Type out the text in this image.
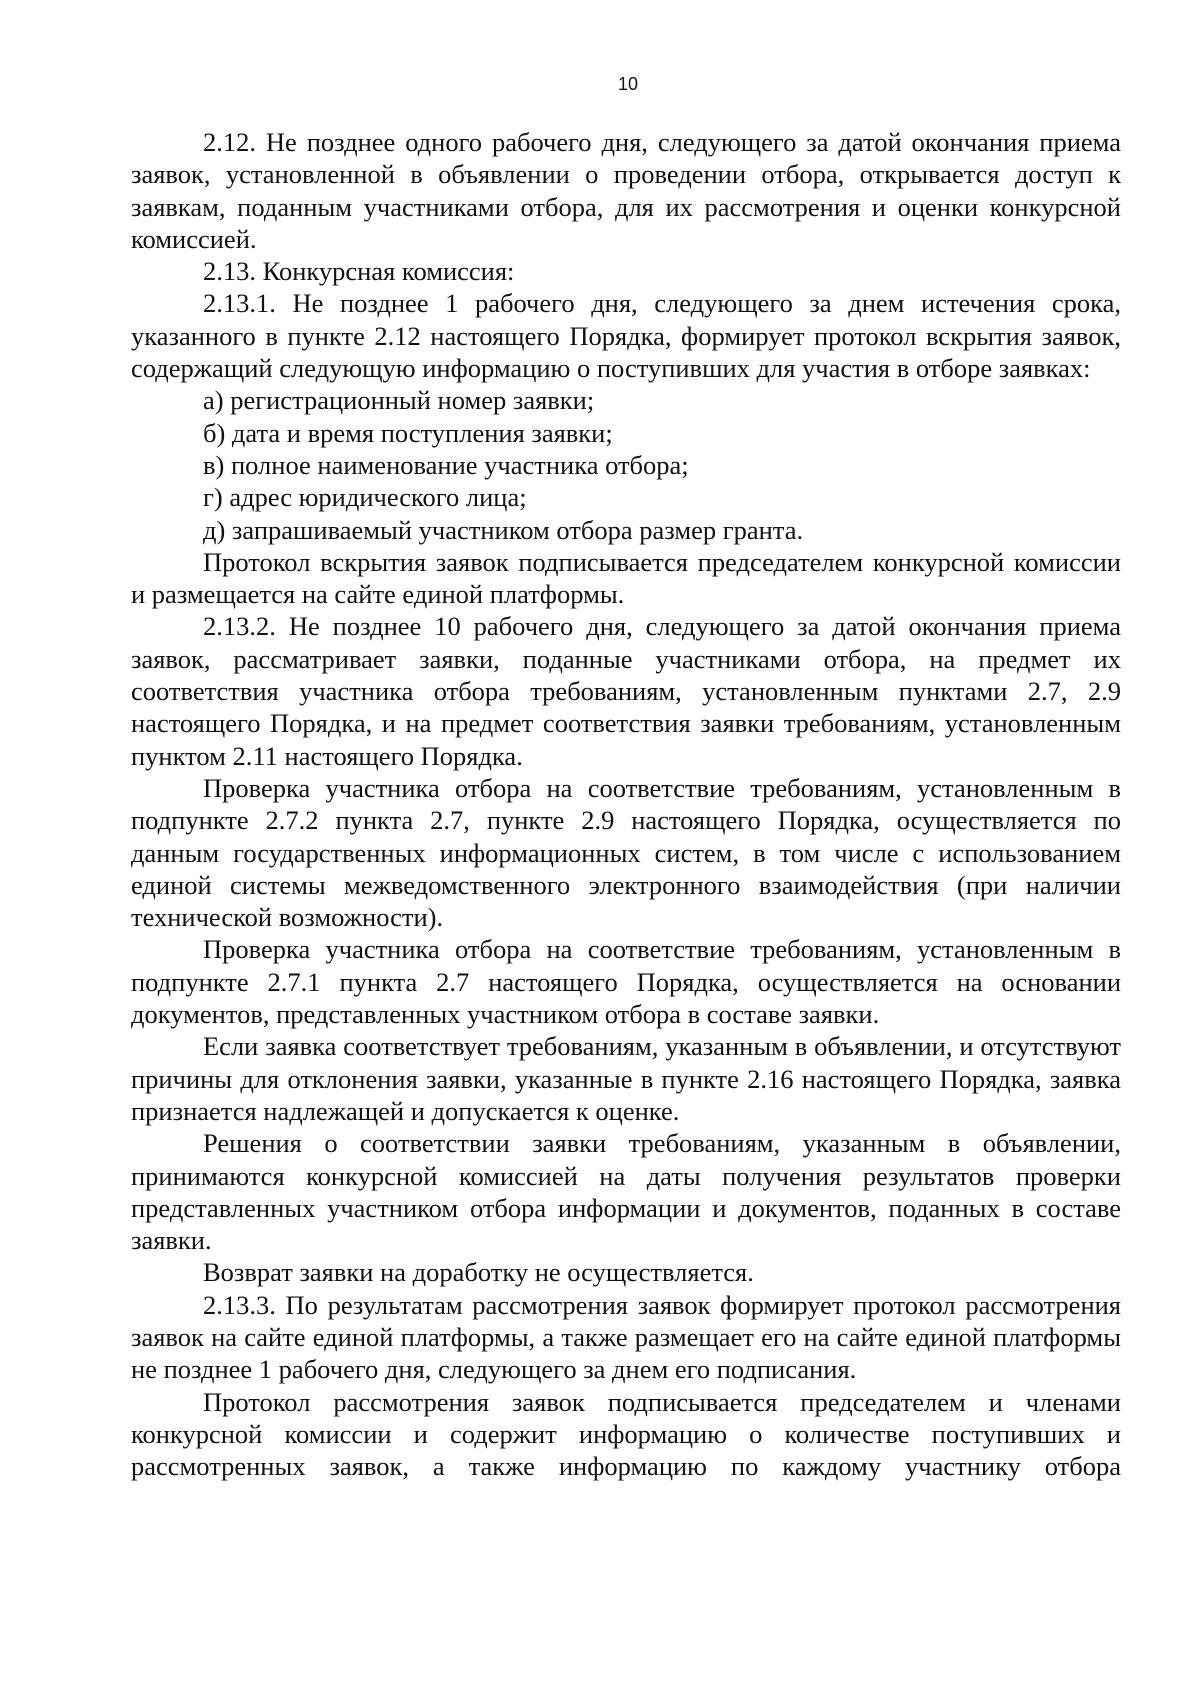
10

2.12. Не позднее одного рабочего дня, следующего за датой окончания приема заявок, установленной в объявлении о проведении отбора, открывается доступ к заявкам, поданным участниками отбора, для их рассмотрения и оценки конкурсной комиссией.

2.13. Конкурсная комиссия:

2.13.1. Не позднее 1 рабочего дня, следующего за днем истечения срока, указанного в пункте 2.12 настоящего Порядка, формирует протокол вскрытия заявок, содержащий следующую информацию о поступивших для участия в отборе заявках:

а) регистрационный номер заявки;

б) дата и время поступления заявки;

в) полное наименование участника отбора;

г) адрес юридического лица;

д) запрашиваемый участником отбора размер гранта.

Протокол вскрытия заявок подписывается председателем конкурсной комиссии и размещается на сайте единой платформы.

2.13.2. Не позднее 10 рабочего дня, следующего за датой окончания приема заявок, рассматривает заявки, поданные участниками отбора, на предмет их соответствия участника отбора требованиям, установленным пунктами 2.7, 2.9 настоящего Порядка, и на предмет соответствия заявки требованиям, установленным пунктом 2.11 настоящего Порядка.

Проверка участника отбора на соответствие требованиям, установленным в подпункте 2.7.2 пункта 2.7, пункте 2.9 настоящего Порядка, осуществляется по данным государственных информационных систем, в том числе с использованием единой системы межведомственного электронного взаимодействия (при наличии технической возможности).

Проверка участника отбора на соответствие требованиям, установленным в подпункте 2.7.1 пункта 2.7 настоящего Порядка, осуществляется на основании документов, представленных участником отбора в составе заявки.

Если заявка соответствует требованиям, указанным в объявлении, и отсутствуют причины для отклонения заявки, указанные в пункте 2.16 настоящего Порядка, заявка признается надлежащей и допускается к оценке.

Решения о соответствии заявки требованиям, указанным в объявлении, принимаются конкурсной комиссией на даты получения результатов проверки представленных участником отбора информации и документов, поданных в составе заявки.

Возврат заявки на доработку не осуществляется.

2.13.3. По результатам рассмотрения заявок формирует протокол рассмотрения заявок на сайте единой платформы, а также размещает его на сайте единой платформы не позднее 1 рабочего дня, следующего за днем его подписания.

Протокол рассмотрения заявок подписывается председателем и членами конкурсной комиссии и содержит информацию о количестве поступивших и рассмотренных заявок, а также информацию по каждому участнику отбора
